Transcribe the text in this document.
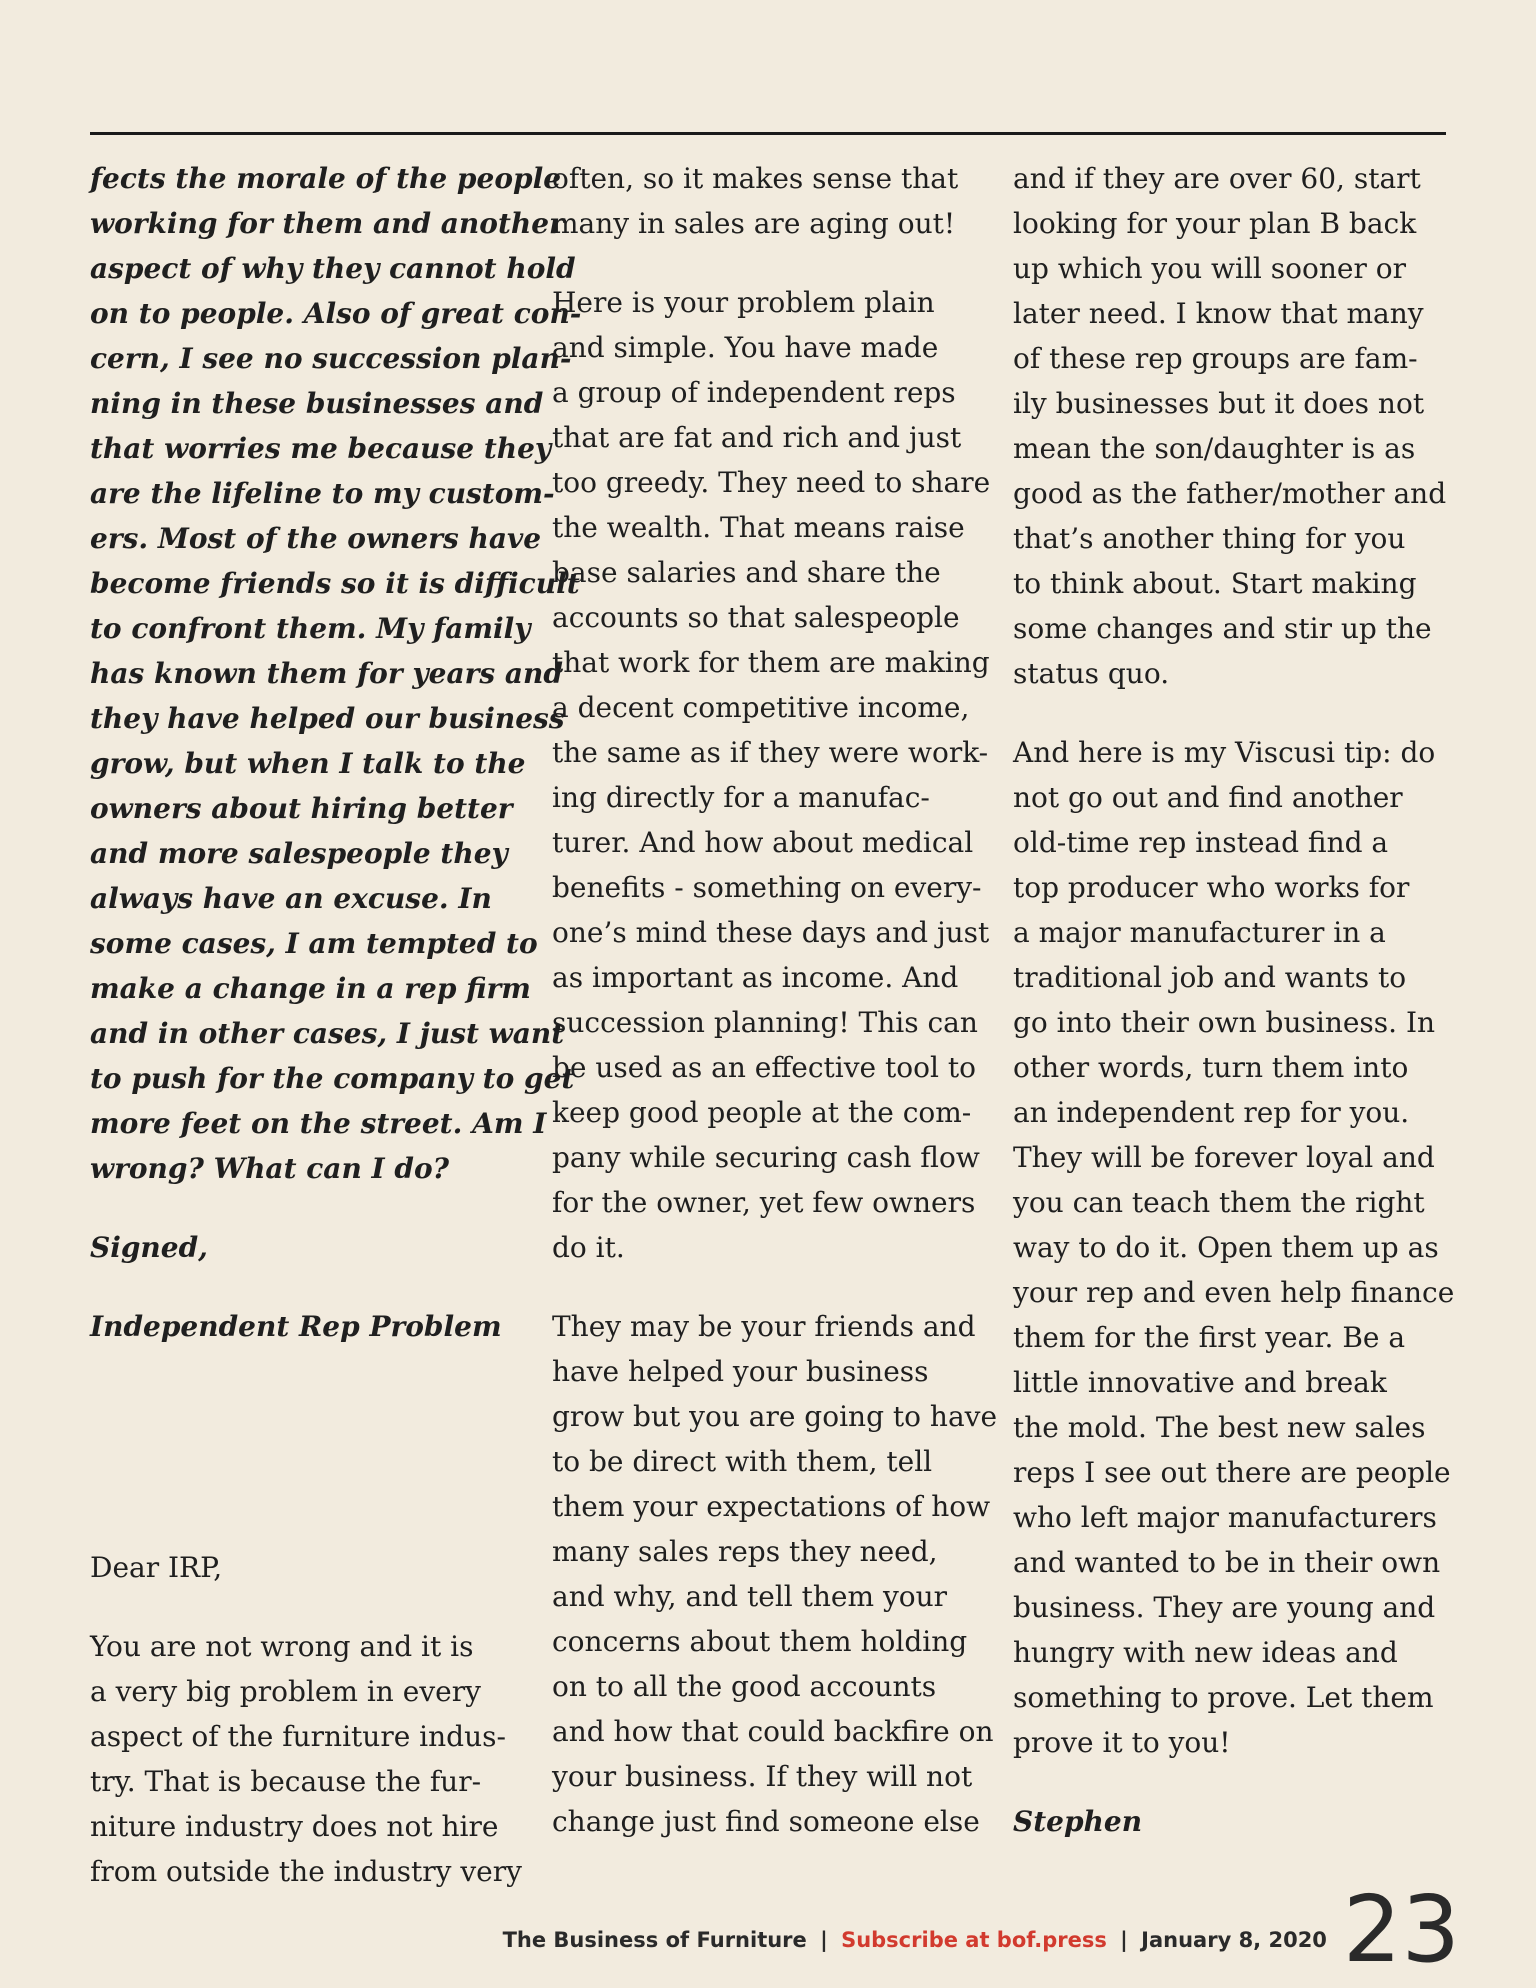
fects the morale of the people
working for them and another
aspect of why they cannot hold
on to people. Also of great con-
cern, I see no succession plan-
ning in these businesses and
that worries me because they
are the lifeline to my custom-
ers. Most of the owners have
become friends so it is difficult
to confront them. My family
has known them for years and
they have helped our business
grow, but when I talk to the
owners about hiring better
and more salespeople they
always have an excuse. In
some cases, I am tempted to
make a change in a rep firm
and in other cases, I just want
to push for the company to get
more feet on the street. Am I
wrong? What can I do?

Signed,

Independent Rep Problem

Dear IRP,

You are not wrong and it is
a very big problem in every
aspect of the furniture indus-
try. That is because the fur-
niture industry does not hire
from outside the industry very

often, so it makes sense that
many in sales are aging out!

Here is your problem plain
and simple. You have made
a group of independent reps
that are fat and rich and just
too greedy. They need to share
the wealth. That means raise
base salaries and share the
accounts so that salespeople
that work for them are making
a decent competitive income,
the same as if they were work-
ing directly for a manufac-
turer. And how about medical
benefits - something on every-
one’s mind these days and just
as important as income. And
succession planning! This can
be used as an effective tool to
keep good people at the com-
pany while securing cash flow
for the owner, yet few owners
do it.

They may be your friends and
have helped your business
grow but you are going to have
to be direct with them, tell
them your expectations of how
many sales reps they need,
and why, and tell them your
concerns about them holding
on to all the good accounts
and how that could backfire on
your business. If they will not
change just find someone else

and if they are over 60, start
looking for your plan B back
up which you will sooner or
later need. I know that many
of these rep groups are fam-
ily businesses but it does not
mean the son/daughter is as
good as the father/mother and
that’s another thing for you
to think about. Start making
some changes and stir up the
status quo.

And here is my Viscusi tip: do
not go out and find another
old-time rep instead find a
top producer who works for
a major manufacturer in a
traditional job and wants to
go into their own business. In
other words, turn them into
an independent rep for you.
They will be forever loyal and
you can teach them the right
way to do it. Open them up as
your rep and even help finance
them for the first year. Be a
little innovative and break
the mold. The best new sales
reps I see out there are people
who left major manufacturers
and wanted to be in their own
business. They are young and
hungry with new ideas and
something to prove. Let them
prove it to you!

Stephen

The Business of Furniture | Subscribe at bof.press | January 8, 2020 23
